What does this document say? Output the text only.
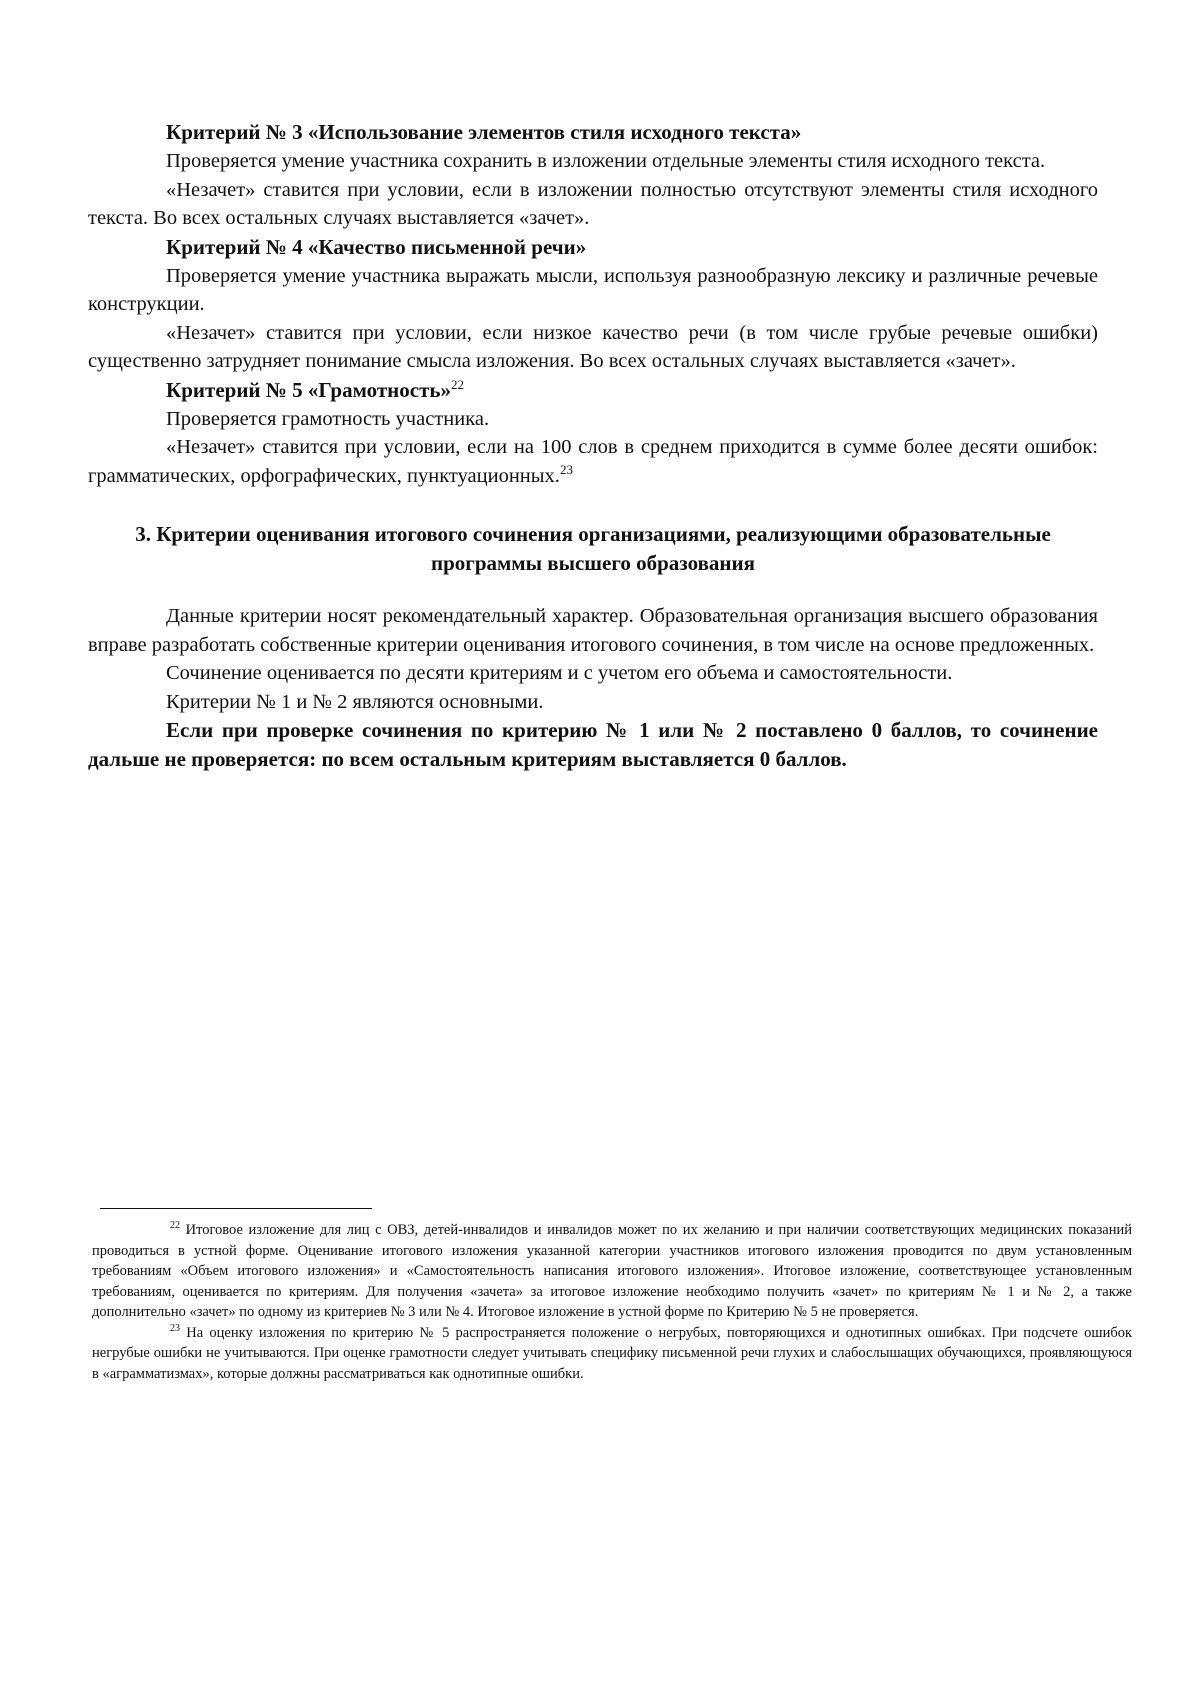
Критерий № 3 «Использование элементов стиля исходного текста»

Проверяется умение участника сохранить в изложении отдельные элементы стиля исходного текста.

«Незачет» ставится при условии, если в изложении полностью отсутствуют элементы стиля исходного текста. Во всех остальных случаях выставляется «зачет».

Критерий № 4 «Качество письменной речи»

Проверяется умение участника выражать мысли, используя разнообразную лексику и различные речевые конструкции.

«Незачет» ставится при условии, если низкое качество речи (в том числе грубые речевые ошибки) существенно затрудняет понимание смысла изложения. Во всех остальных случаях выставляется «зачет».

Критерий № 5 «Грамотность»$^{22}$

Проверяется грамотность участника.

«Незачет» ставится при условии, если на 100 слов в среднем приходится в сумме более десяти ошибок: грамматических, орфографических, пунктуационных.$^{23}$

3. Критерии оценивания итогового сочинения организациями, реализующими образовательные программы высшего образования

Данные критерии носят рекомендательный характер. Образовательная организация высшего образования вправе разработать собственные критерии оценивания итогового сочинения, в том числе на основе предложенных.

Сочинение оценивается по десяти критериям и с учетом его объема и самостоятельности.

Критерии № 1 и № 2 являются основными.

Если при проверке сочинения по критерию № 1 или № 2 поставлено 0 баллов, то сочинение дальше не проверяется: по всем остальным критериям выставляется 0 баллов.

$^{22}$ Итоговое изложение для лиц с ОВЗ, детей-инвалидов и инвалидов может по их желанию и при наличии соответствующих медицинских показаний проводиться в устной форме. Оценивание итогового изложения указанной категории участников итогового изложения проводится по двум установленным требованиям «Объем итогового изложения» и «Самостоятельность написания итогового изложения». Итоговое изложение, соответствующее установленным требованиям, оценивается по критериям. Для получения «зачета» за итоговое изложение необходимо получить «зачет» по критериям № 1 и № 2, а также дополнительно «зачет» по одному из критериев № 3 или № 4. Итоговое изложение в устной форме по Критерию № 5 не проверяется.

$^{23}$ На оценку изложения по критерию № 5 распространяется положение о негрубых, повторяющихся и однотипных ошибках. При подсчете ошибок негрубые ошибки не учитываются. При оценке грамотности следует учитывать специфику письменной речи глухих и слабослышащих обучающихся, проявляющуюся в «аграмматизмах», которые должны рассматриваться как однотипные ошибки.
